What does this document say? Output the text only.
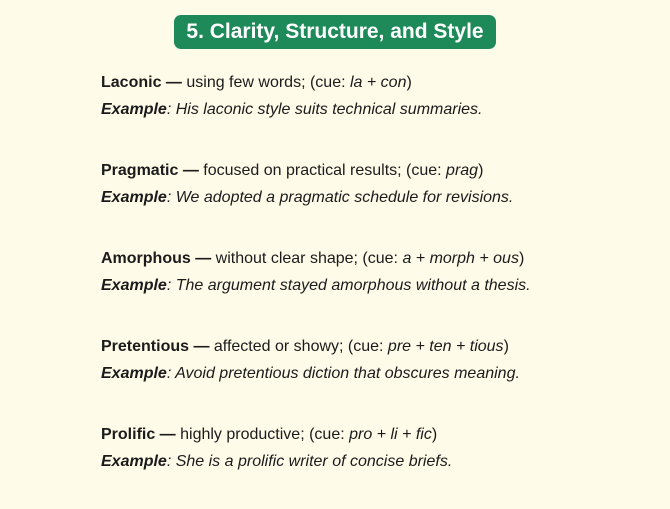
5. Clarity, Structure, and Style
Laconic — using few words; (cue: la + con)
Example: His laconic style suits technical summaries.
Pragmatic — focused on practical results; (cue: prag)
Example: We adopted a pragmatic schedule for revisions.
Amorphous — without clear shape; (cue: a + morph + ous)
Example: The argument stayed amorphous without a thesis.
Pretentious — affected or showy; (cue: pre + ten + tious)
Example: Avoid pretentious diction that obscures meaning.
Prolific — highly productive; (cue: pro + li + fic)
Example: She is a prolific writer of concise briefs.
